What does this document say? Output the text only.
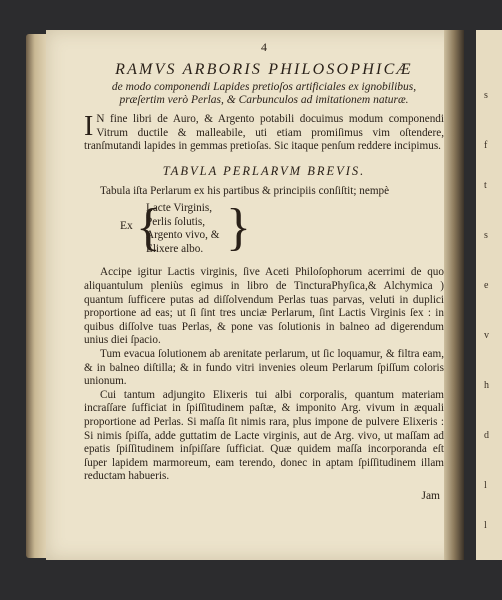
4
RAMVS ARBORIS PHILOSOPHICÆ
de modo componendi Lapides pretioſos artificiales ex ignobilibus, præſertim verò Perlas, & Carbunculos ad imitationem naturæ.

I N fine libri de Auro, & Argento potabili docuimus modum componendi Vitrum ductile & malleabile, uti etiam promiſimus vim oſtendere, tranſmutandi lapides in gemmas pretioſas. Sic itaque penſum reddere incipimus.

TABVLA PERLARVM BREVIS.

Tabula iſta Perlarum ex his partibus & principiis conſiſtit; nempè

Ex {
Lacte Virginis,
Perlis ſolutis,
Argento vivo, &
Elixere albo. }

Accipe igitur Lactis virginis, ſive Aceti Philoſophorum acerrimi de quo aliquantulum pleniùs egimus in libro de TincturaPhyſica,& Alchymica ) quantum ſufficere putas ad diſſolvendum Perlas tuas parvas, veluti in duplici proportione ad eas; ut ſi ſint tres unciæ Perlarum, ſint Lactis Virginis ſex : in quibus diſſolve tuas Perlas, & pone vas ſolutionis in balneo ad digerendum unius diei ſpacio.

Tum evacua ſolutionem ab arenitate perlarum, ut ſic loquamur, & filtra eam, & in balneo diſtilla; & in fundo vitri invenies oleum Perlarum ſpiſſum coloris unionum.

Cui tantum adjungito Elixeris tui albi corporalis, quantum materiam incraſſare ſufficiat in ſpiſſitudinem paſtæ, & imponito Arg. vivum in æquali proportione ad Perlas. Si maſſa ſit nimis rara, plus impone de pulvere Elixeris : Si nimis ſpiſſa, adde guttatim de Lacte virginis, aut de Arg. vivo, ut maſſam ad epatis ſpiſſitudinem inſpiſſare ſufficiat. Quæ quidem maſſa incorporanda eſt ſuper lapidem marmoreum, eam terendo, donec in aptam ſpiſſitudinem illam reductam habueris.

Jam
s
f
t
s
e
v
h
d
l
l
